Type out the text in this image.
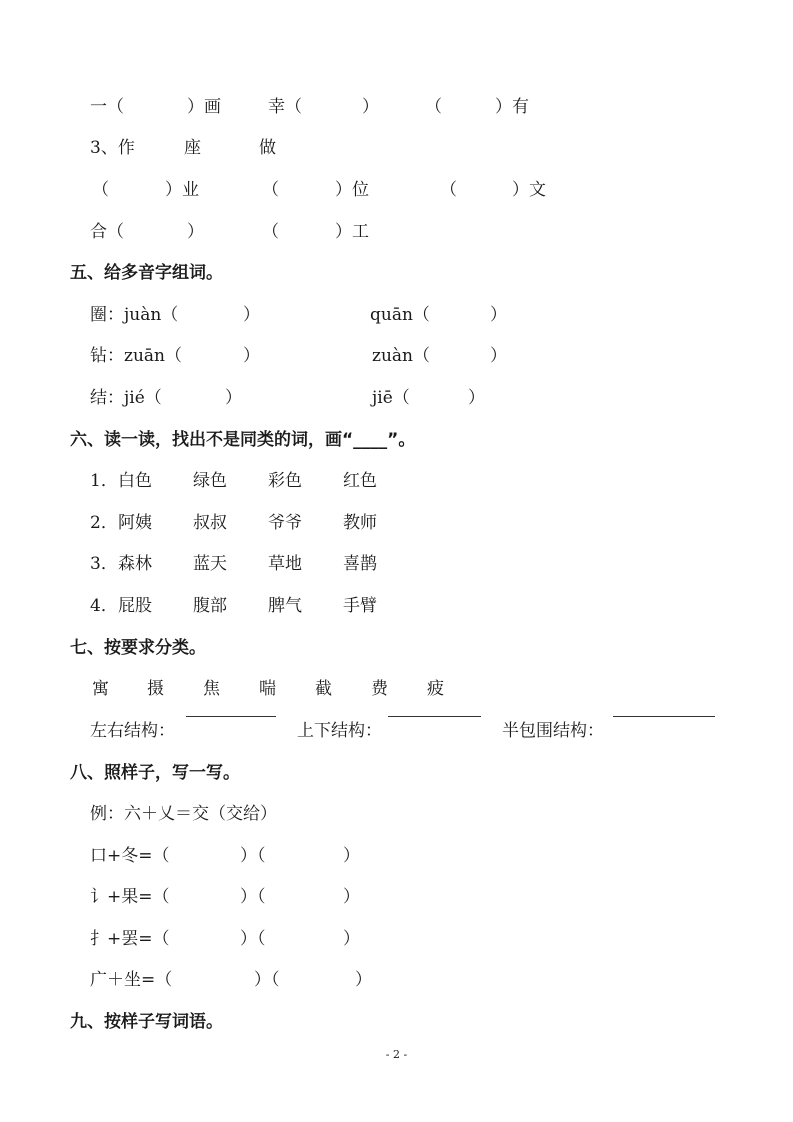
一（	）画	幸（	）	（	）有
3、作	座	做
（	）业	（	）位	（	）文
合（	）	（	）工
五、给多音字组词。
圈：juàn（	）	quān（	）
钻：zuān（	）	zuàn（	）
结：jié（	）	jiē（	）
六、读一读，找出不是同类的词，画“____”。
1． 白色 绿色 彩色 红色
2． 阿姨 叔叔 爷爷 教师
3． 森林 蓝天 草地 喜鹊
4． 屁股 腹部 脾气 手臂
七、按要求分类。
寓 摄 焦 喘 截 费 疲
左右结构：	上下结构：	半包围结构：
八、照样子，写一写。
例：六＋乂＝交（交给）
口+冬=（	）（	）
讠+果=（	）（	）
扌+罢=（	）（	）
广＋坐=（	）（	）
九、按样子写词语。
- 2 -
